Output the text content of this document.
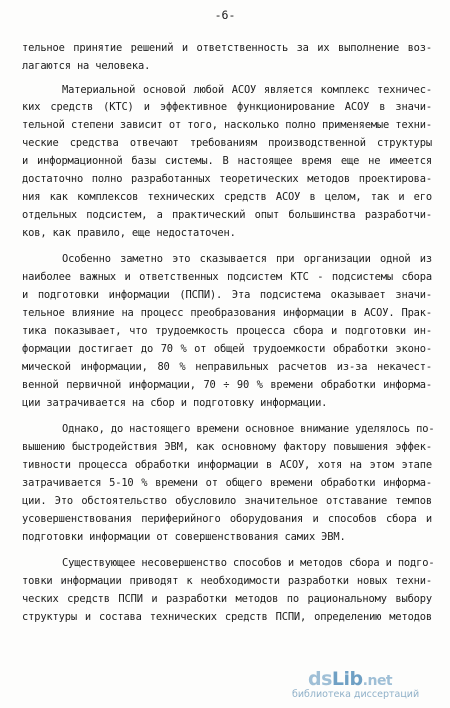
-6-
тельное принятие решений и ответственность за их выполнение воз-
лагаются на человека.
Материальной основой любой АСОУ является комплекс техничес-
ких средств (КТС) и эффективное функционирование АСОУ в значи-
тельной степени зависит от того, насколько полно применяемые техни-
ческие средства отвечают требованиям производственной структуры
и информационной базы системы. В настоящее время еще не имеется
достаточно полно разработанных теоретических методов проектирова-
ния как комплексов технических средств АСОУ в целом, так и его
отдельных подсистем, а практический опыт большинства разработчи-
ков, как правило, еще недостаточен.
Особенно заметно это сказывается при организации одной из
наиболее важных и ответственных подсистем КТС - подсистемы сбора
и подготовки информации (ПСПИ). Эта подсистема оказывает значи-
тельное влияние на процесс преобразования информации в АСОУ. Прак-
тика показывает, что трудоемкость процесса сбора и подготовки ин-
формации достигает до 70 % от общей трудоемкости обработки эконо-
мической информации, 80 % неправильных расчетов из-за некачест-
венной первичной информации, 70 ÷ 90 % времени обработки информа-
ции затрачивается на сбор и подготовку информации.
Однако, до настоящего времени основное внимание уделялось по-
вышению быстродействия ЭВМ, как основному фактору повышения эффек-
тивности процесса обработки информации в АСОУ, хотя на этом этапе
затрачивается 5-10 % времени от общего времени обработки информа-
ции. Это обстоятельство обусловило значительное отставание темпов
усовершенствования периферийного оборудования и способов сбора и
подготовки информации от совершенствования самих ЭВМ.
Существующее несовершенство способов и методов сбора и подго-
товки информации приводят к необходимости разработки новых техни-
ческих средств ПСПИ и разработки методов по рациональному выбору
структуры и состава технических средств ПСПИ, определению методов
dsLib.net
библиотека диссертаций
